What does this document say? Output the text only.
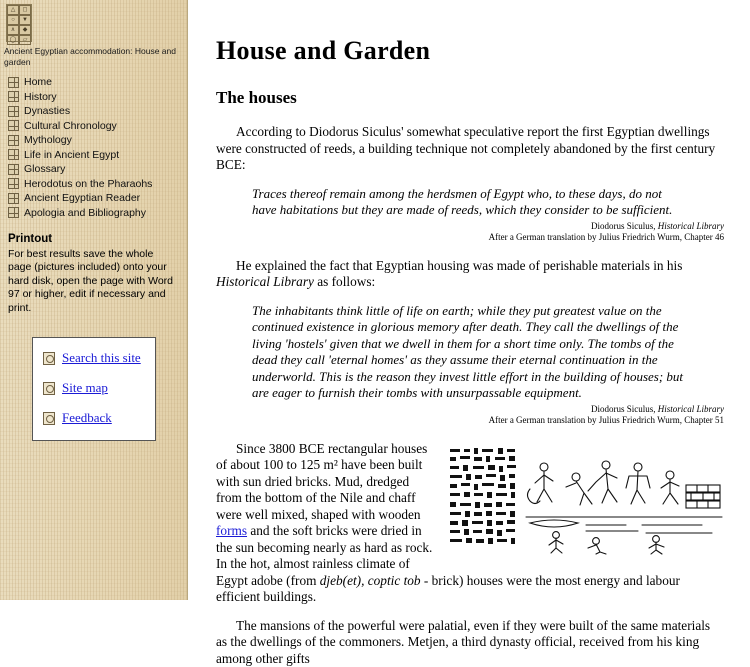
△	◻
○	▼
∧	◆
◯	▱
Ancient Egyptian accommodation: House and garden
Home
History
Dynasties
Cultural Chronology
Mythology
Life in Ancient Egypt
Glossary
Herodotus on the Pharaohs
Ancient Egyptian Reader
Apologia and Bibliography
Printout
For best results save the whole page (pictures included) onto your hard disk, open the page with Word 97 or higher, edit if necessary and print.
Search this site
Site map
Feedback
House and Garden
The houses

According to Diodorus Siculus' somewhat speculative report the first Egyptian dwellings were constructed of reeds, a building technique not completely abandoned by the first century BCE:

Traces thereof remain among the herdsmen of Egypt who, to these days, do not have habitations but they are made of reeds, which they consider to be sufficient.

Diodorus Siculus, Historical Library
After a German translation by Julius Friedrich Wurm, Chapter 46

He explained the fact that Egyptian housing was made of perishable materials in his Historical Library as follows:

The inhabitants think little of life on earth; while they put greatest value on the continued existence in glorious memory after death. They call the dwellings of the living 'hostels' given that we dwell in them for a short time only. The tombs of the dead they call 'eternal homes' as they assume their eternal continuation in the underworld. This is the reason they invest little effort in the building of houses; but are eager to furnish their tombs with unsurpassable equipment.

Diodorus Siculus, Historical Library
After a German translation by Julius Friedrich Wurm, Chapter 51

Since 3800 BCE rectangular houses of about 100 to 125 m² have been built with sun dried bricks. Mud, dredged from the bottom of the Nile and chaff were well mixed, shaped with wooden forms and the soft bricks were dried in the sun becoming nearly as hard as rock. In the hot, almost rainless climate of Egypt adobe (from djeb(et), coptic tob - brick) houses were the most energy and labour efficient buildings.

The mansions of the powerful were palatial, even if they were built of the same materials as the dwellings of the commoners. Metjen, a third dynasty official, received from his king among other gifts
